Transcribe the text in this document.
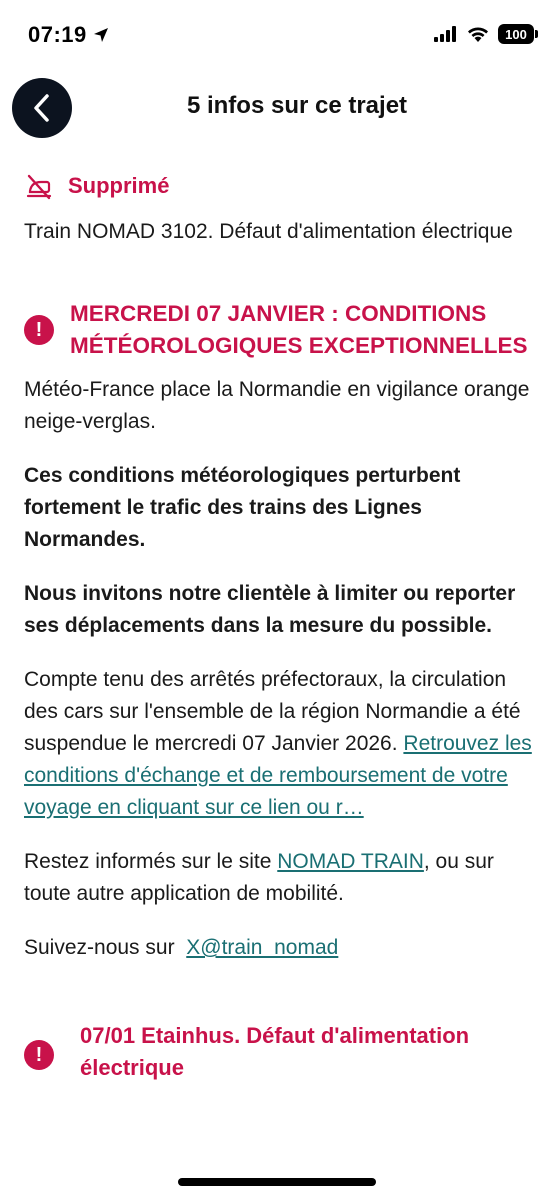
07:19	100
5 infos sur ce trajet
Supprimé

Train NOMAD 3102. Défaut d'alimentation électrique

!
MERCREDI 07 JANVIER : CONDITIONS MÉTÉOROLOGIQUES EXCEPTIONNELLES

Météo-France place la Normandie en vigilance orange neige-verglas.

Ces conditions météorologiques perturbent fortement le trafic des trains des Lignes Normandes.

Nous invitons notre clientèle à limiter ou reporter ses déplacements dans la mesure du possible.

Compte tenu des arrêtés préfectoraux, la circulation des cars sur l'ensemble de la région Normandie a été suspendue le mercredi 07 Janvier 2026. Retrouvez les conditions d'échange et de remboursement de votre voyage en cliquant sur ce lien ou r…

Restez informés sur le site NOMAD TRAIN, ou sur toute autre application de mobilité.

Suivez-nous sur  X@train_nomad

!
07/01 Etainhus. Défaut d'alimentation électrique
